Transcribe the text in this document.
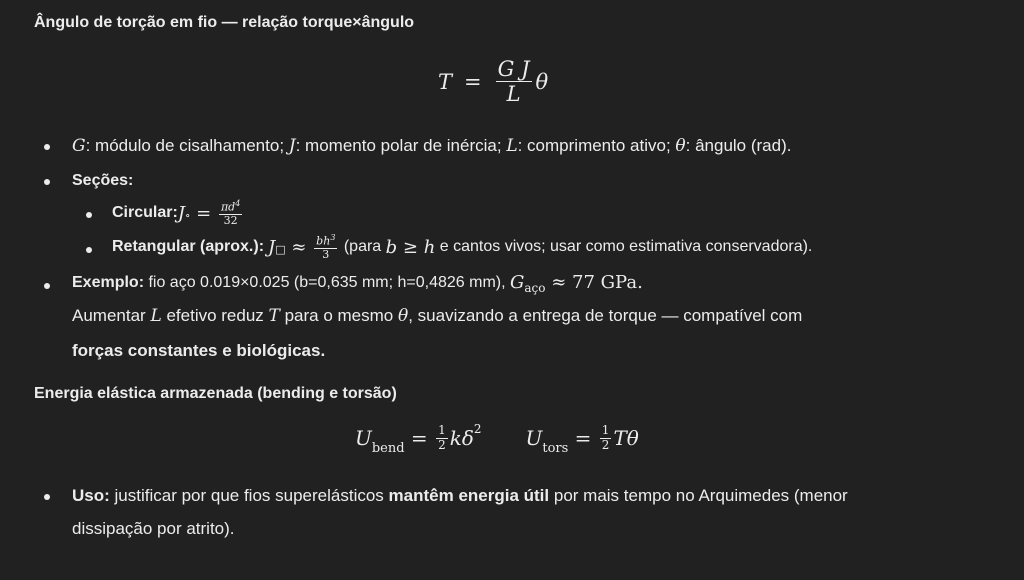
Ângulo de torção em fio — relação torque×ângulo
$T = \frac{\text{G J}}{L}$ θ
G: módulo de cisalhamento; J: momento polar de inércia; L: comprimento ativo; θ: ângulo (rad).
Seções:
Circular: J ∘ = $\frac{\pi d^4}{32}$
Retangular (aprox.): J □ ≈ $\frac{bh^3}{3}$ (para b ≥ h e cantos vivos; usar como estimativa conservadora).
Exemplo: fio aço 0.019×0.025 (b=0,635 mm; h=0,4826 mm), $G_{aço} \approx 77$ GPa.
Aumentar L efetivo reduz T para o mesmo θ, suavizando a entrega de torque — compatível com
forças constantes e biológicas.
Energia elástica armazenada (bending e torsão)
$U_{bend} = \frac{1}{2} k\delta^2$ $U_{tors} = \frac{1}{2}$ Tθ
Uso: justificar por que fios superelásticos mantêm energia útil por mais tempo no Arquimedes (menor
dissipação por atrito).
